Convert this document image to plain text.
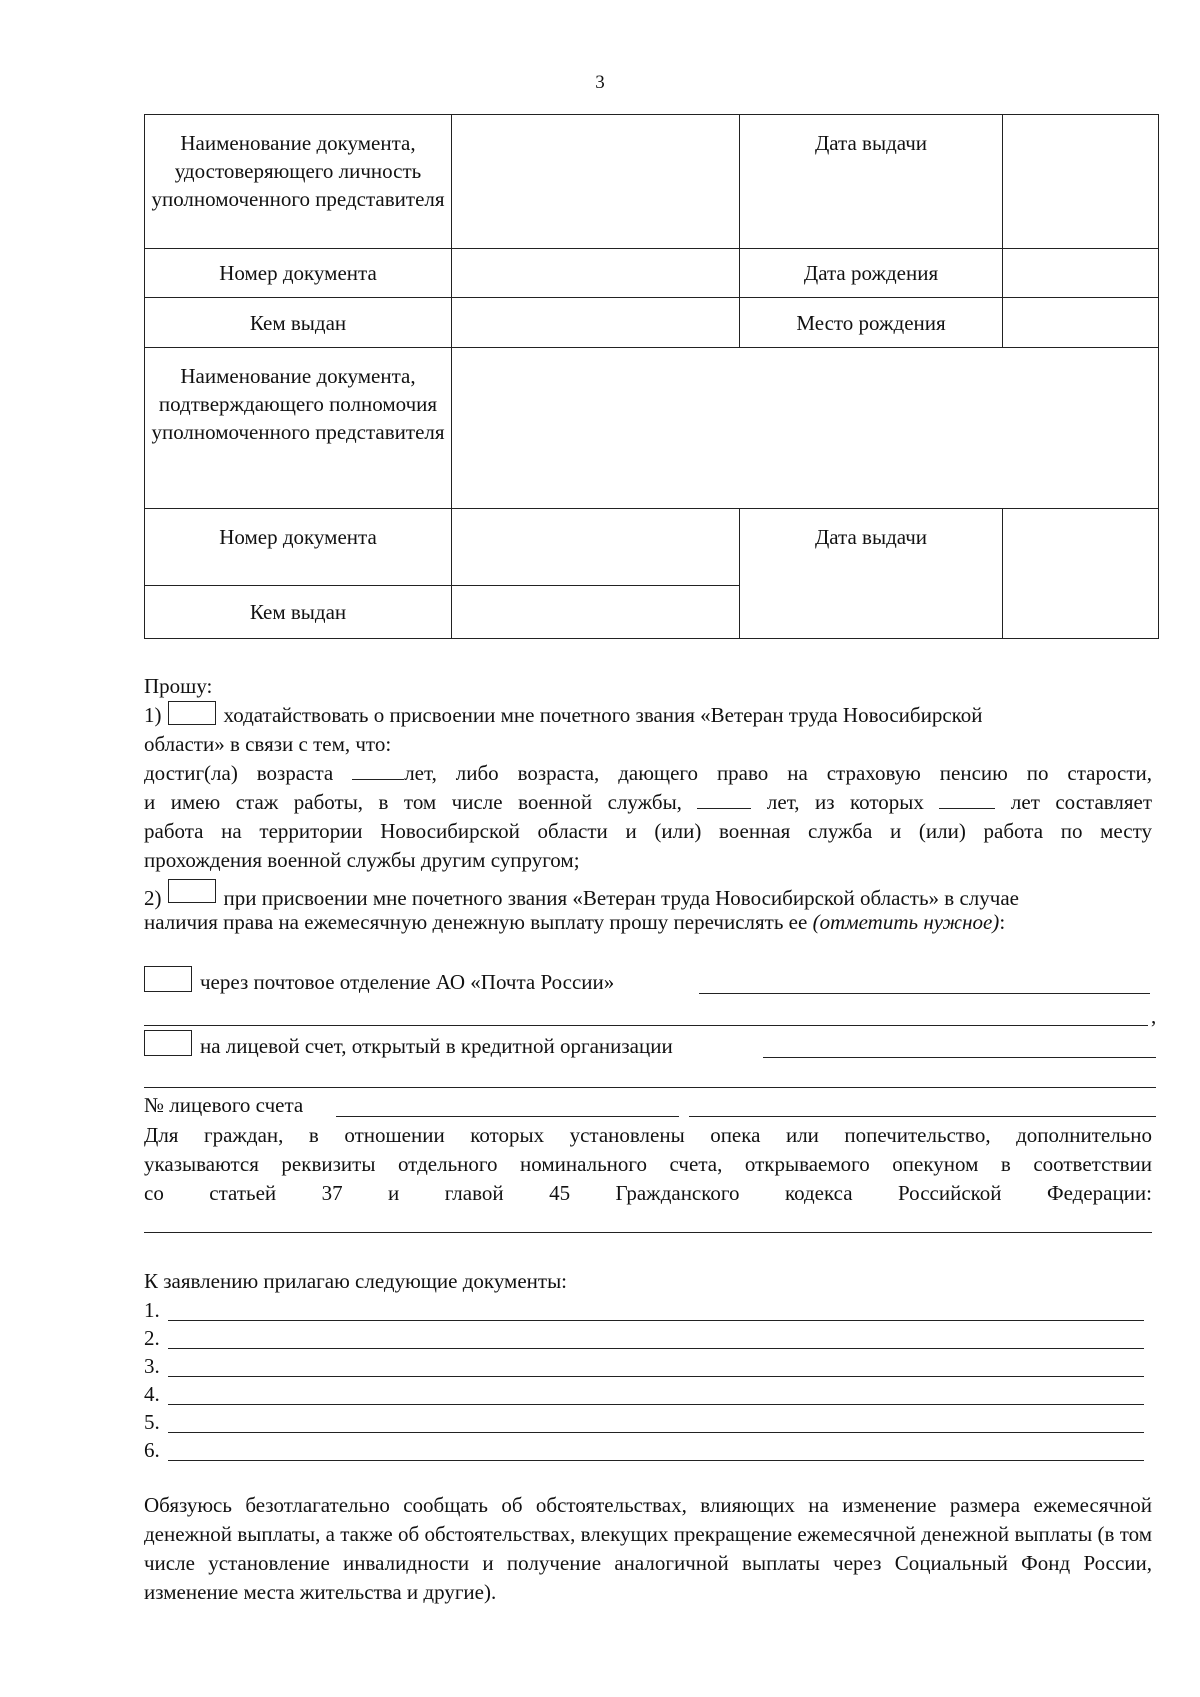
3
Наименование документа, удостоверяющего личность уполномоченного представителя		Дата выдачи	
Номер документа		Дата рождения	
Кем выдан		Место рождения	
Наименование документа, подтверждающего полномочия уполномоченного представителя			
Номер документа		Дата выдачи	
Кем выдан			
Прошу:
1)	ходатайствовать о присвоении мне почетного звания «Ветеран труда Новосибирской
области» в связи с тем, что:
достиг(ла) возраста	лет, либо возраста, дающего право на страховую пенсию по старости,
и имею стаж работы, в том числе военной службы,	лет, из которых	лет составляет
работа на территории Новосибирской области и (или) военная служба и (или) работа по месту
прохождения военной службы другим супругом;
2)	при присвоении мне почетного звания «Ветеран труда Новосибирской область» в случае
наличия права на ежемесячную денежную выплату прошу перечислять ее (отметить нужное):
через почтовое отделение АО «Почта России»
,
на лицевой счет, открытый в кредитной организации
№ лицевого счета
Для граждан, в отношении которых установлены опека или попечительство, дополнительно
указываются реквизиты отдельного номинального счета, открываемого опекуном в соответствии
со статьей 37 и главой 45 Гражданского кодекса Российской Федерации:
К заявлению прилагаю следующие документы:
1.
2.
3.
4.
5.
6.
Обязуюсь безотлагательно сообщать об обстоятельствах, влияющих на изменение размера ежемесячной денежной выплаты, а также об обстоятельствах, влекущих прекращение ежемесячной денежной выплаты (в том числе установление инвалидности и получение аналогичной выплаты через Социальный Фонд России, изменение места жительства и другие).
